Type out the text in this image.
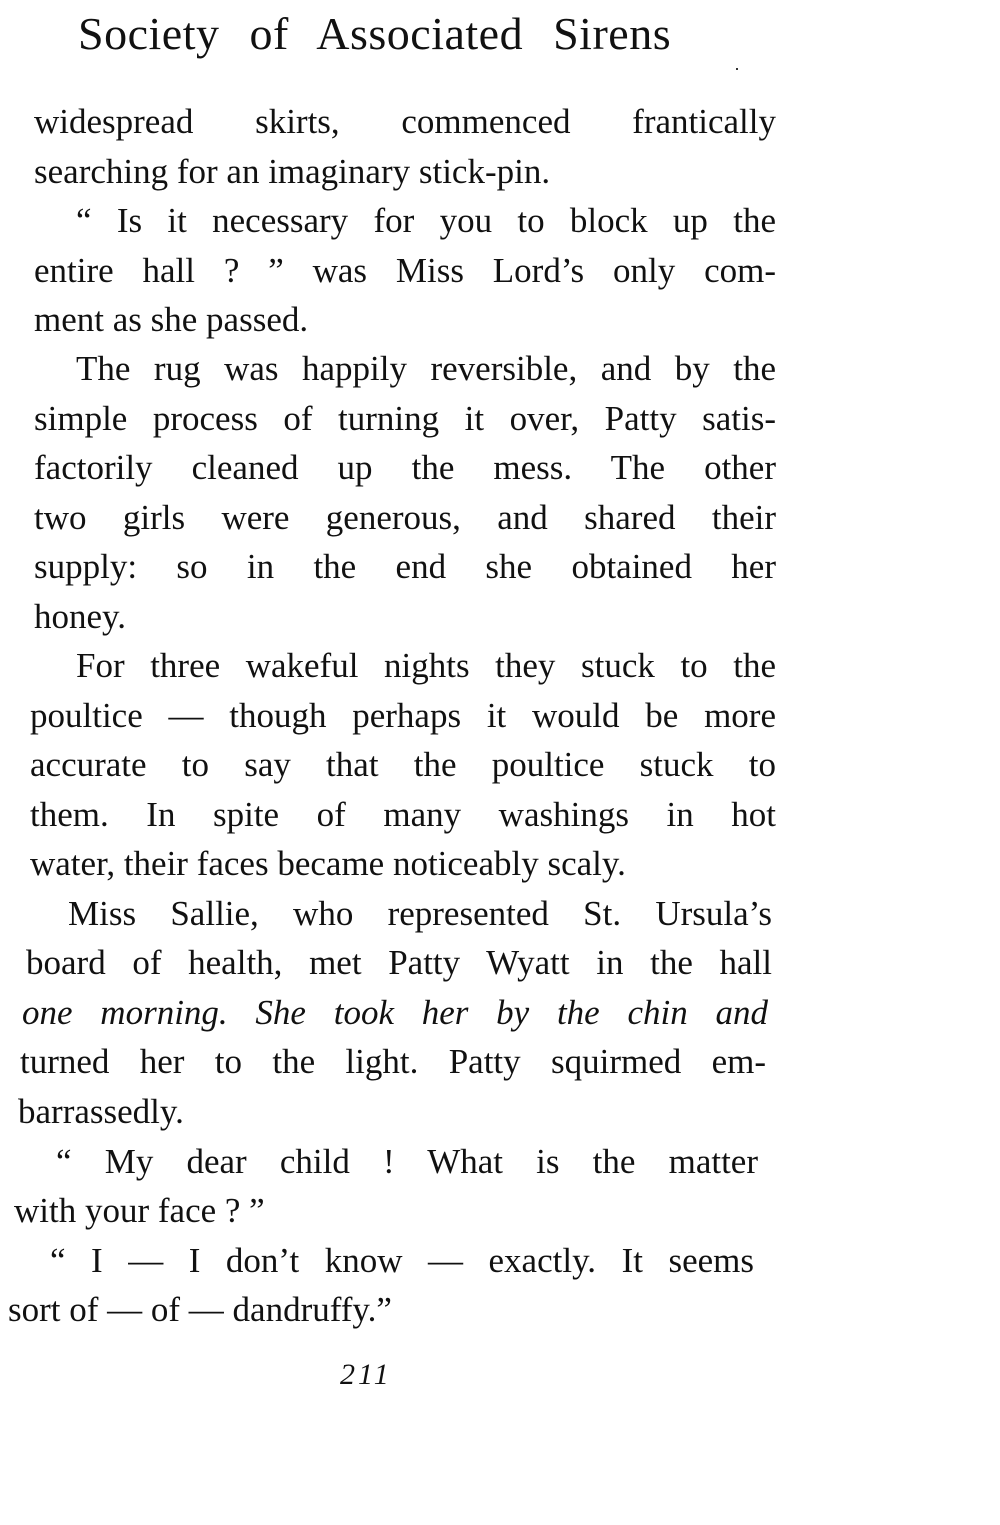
Society of Associated Sirens
widespread skirts, commenced frantically
searching for an imaginary stick-pin.
“ Is it necessary for you to block up the
entire hall ? ” was Miss Lord’s only com-
ment as she passed.
The rug was happily reversible, and by the
simple process of turning it over, Patty satis-
factorily cleaned up the mess. The other
two girls were generous, and shared their
supply: so in the end she obtained her
honey.
For three wakeful nights they stuck to the
poultice — though perhaps it would be more
accurate to say that the poultice stuck to
them. In spite of many washings in hot
water, their faces became noticeably scaly.
Miss Sallie, who represented St. Ursula’s
board of health, met Patty Wyatt in the hall
one morning. She took her by the chin and
turned her to the light. Patty squirmed em-
barrassedly.
“ My dear child ! What is the matter
with your face ? ”
“ I — I don’t know — exactly. It seems
sort of — of — dandruffy.”
211
